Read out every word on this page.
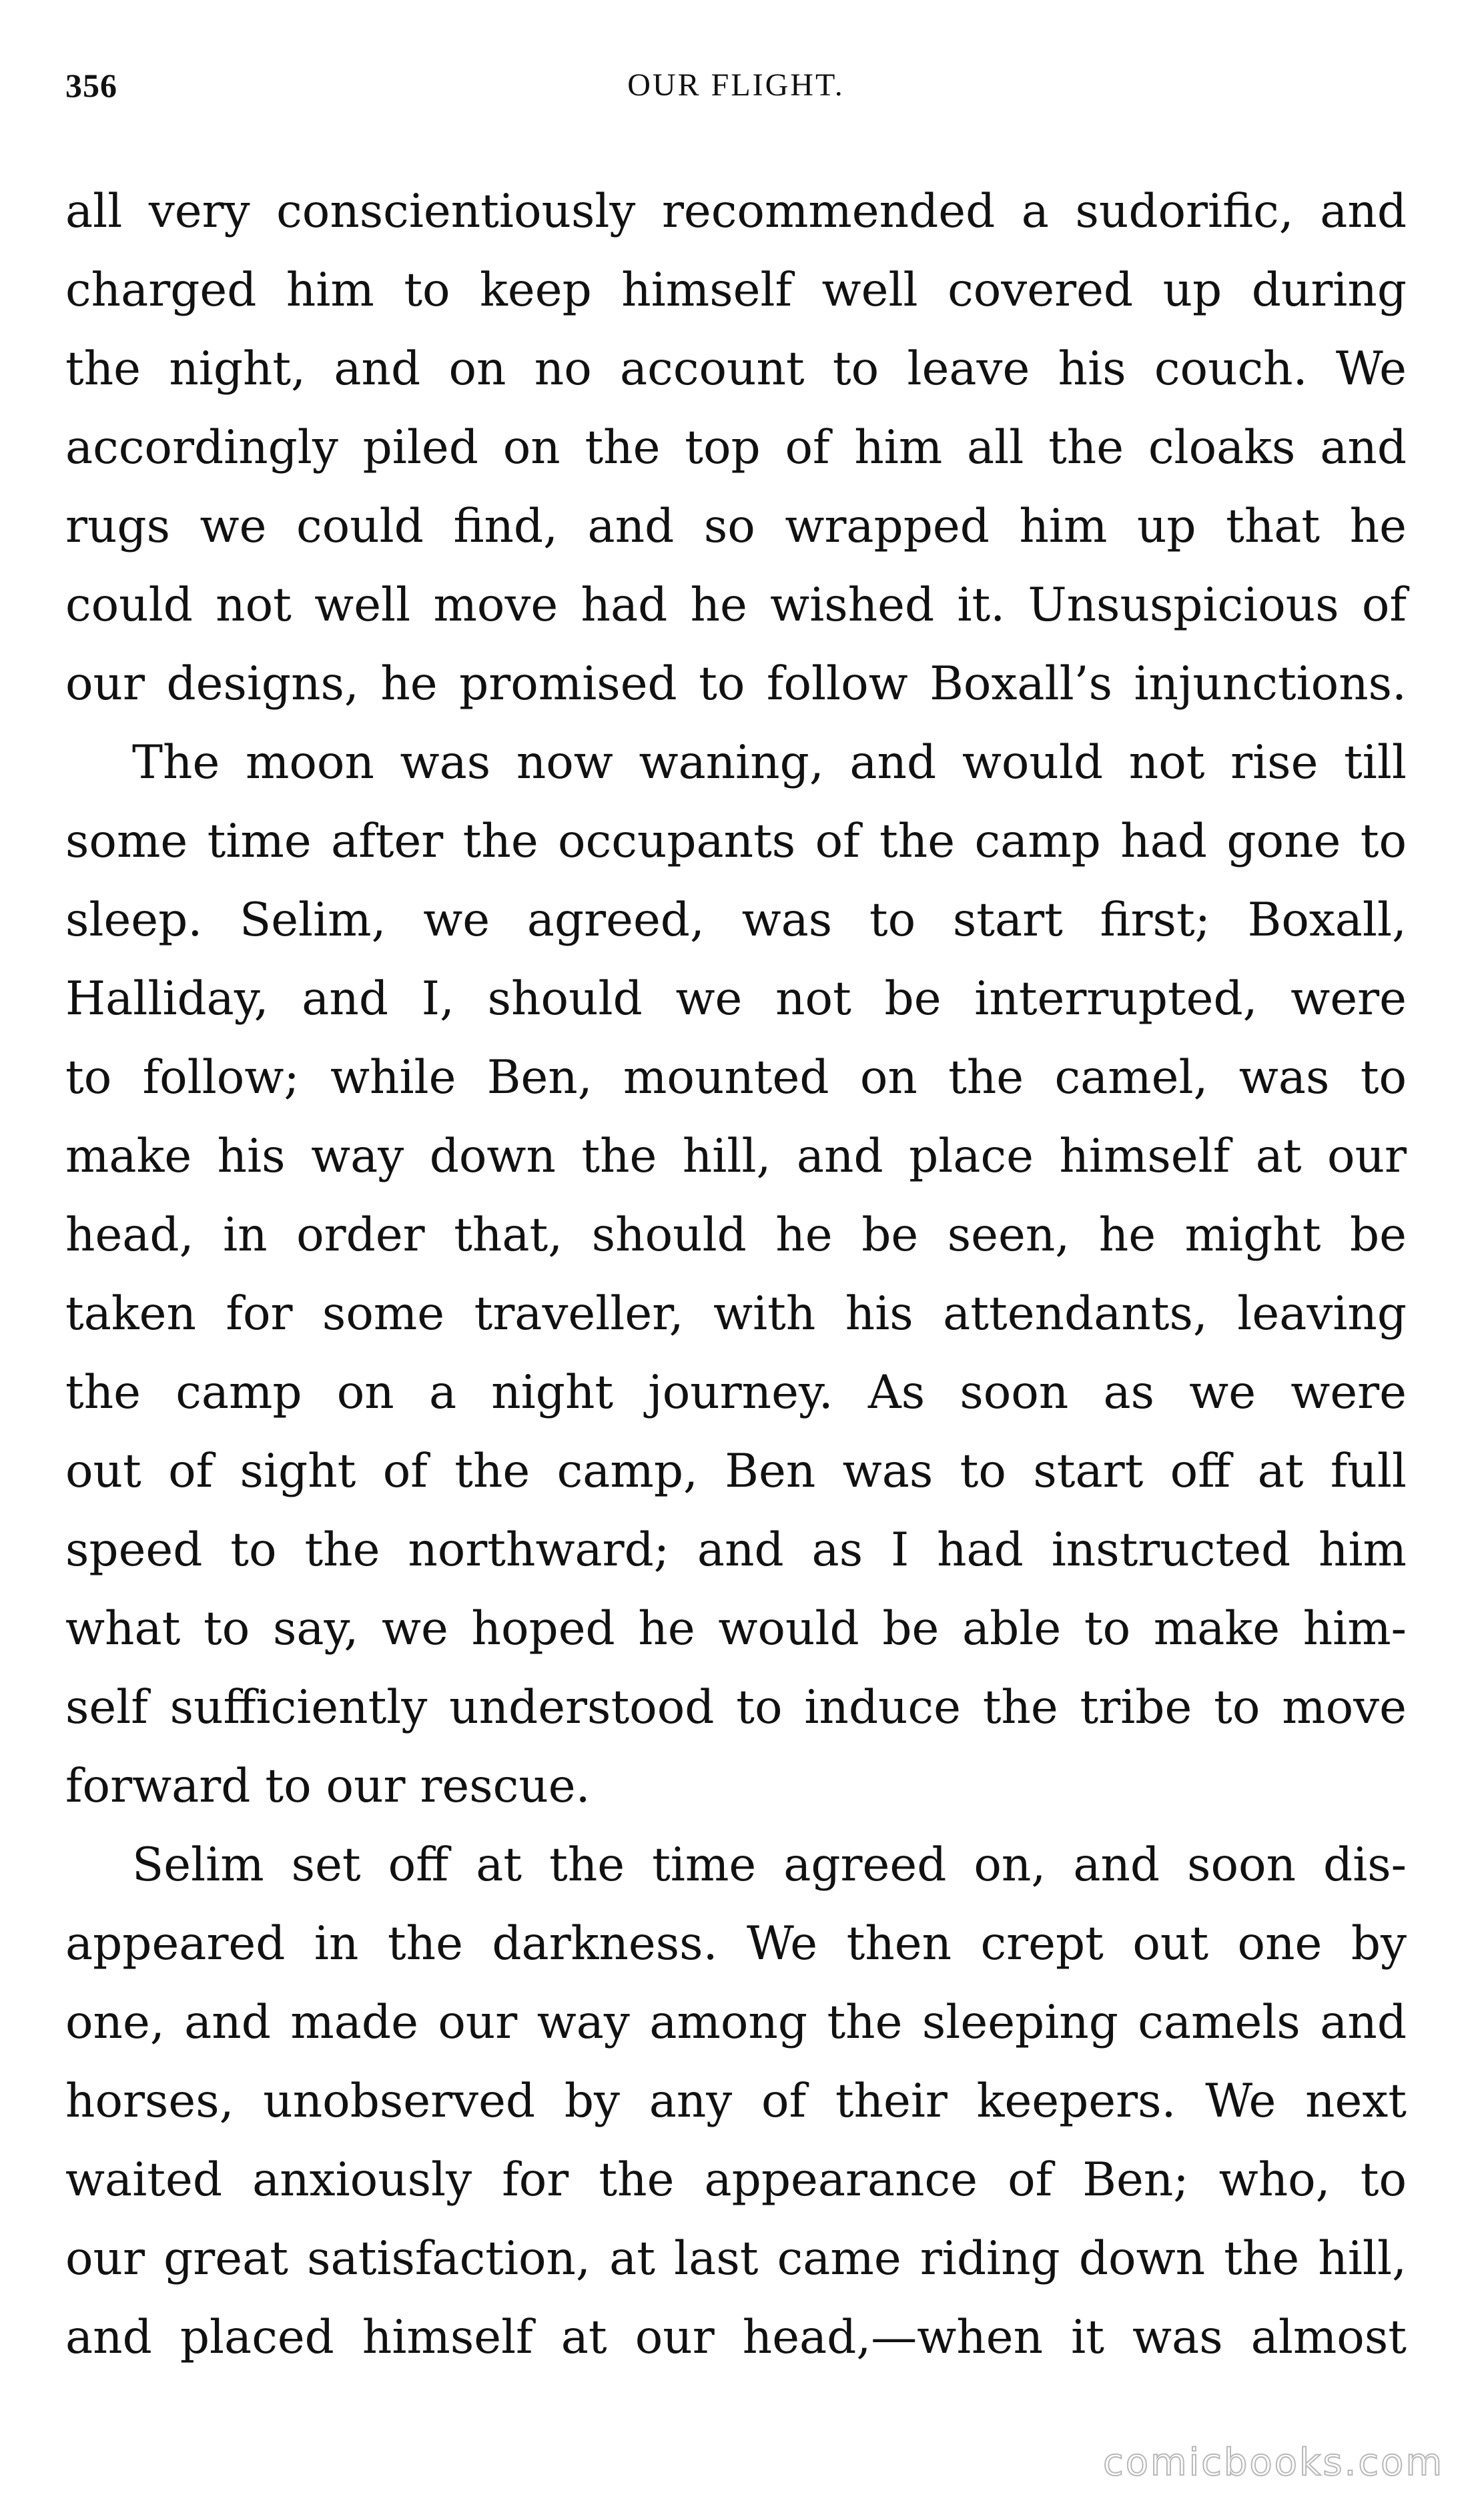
356	OUR FLIGHT.

all very conscientiously recommended a sudorific, and
charged him to keep himself well covered up during
the night, and on no account to leave his couch. We
accordingly piled on the top of him all the cloaks and
rugs we could find, and so wrapped him up that he
could not well move had he wished it. Unsuspicious of
our designs, he promised to follow Boxall’s injunctions.

The moon was now waning, and would not rise till
some time after the occupants of the camp had gone to
sleep. Selim, we agreed, was to start first; Boxall,
Halliday, and I, should we not be interrupted, were
to follow; while Ben, mounted on the camel, was to
make his way down the hill, and place himself at our
head, in order that, should he be seen, he might be
taken for some traveller, with his attendants, leaving
the camp on a night journey. As soon as we were
out of sight of the camp, Ben was to start off at full
speed to the northward; and as I had instructed him
what to say, we hoped he would be able to make him-
self sufficiently understood to induce the tribe to move
forward to our rescue.

Selim set off at the time agreed on, and soon dis-
appeared in the darkness. We then crept out one by
one, and made our way among the sleeping camels and
horses, unobserved by any of their keepers. We next
waited anxiously for the appearance of Ben; who, to
our great satisfaction, at last came riding down the hill,
and placed himself at our head,—when it was almost

comicbooks.com
